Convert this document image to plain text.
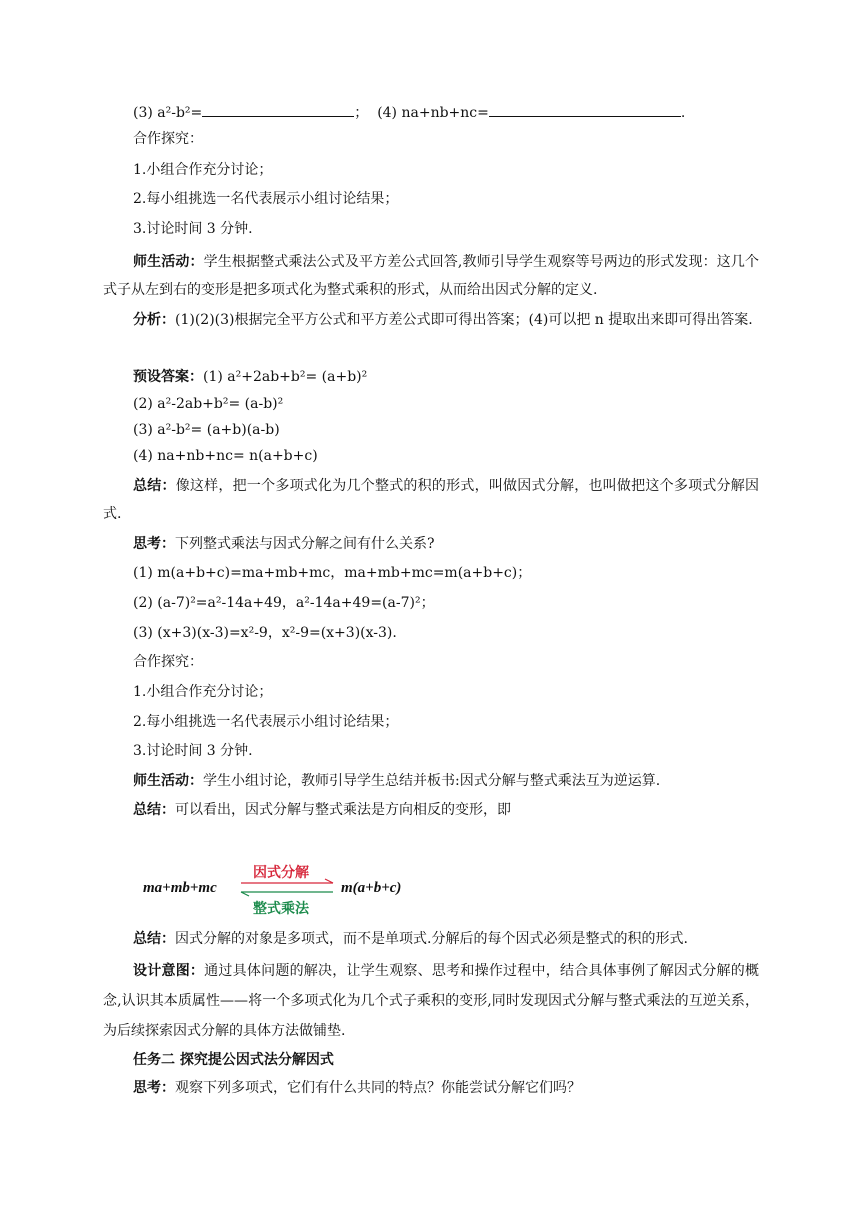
(3) a²-b²=	；  (4) na+nb+nc=	.
合作探究：
1.小组合作充分讨论；
2.每小组挑选一名代表展示小组讨论结果；
3.讨论时间 3 分钟.
师生活动：学生根据整式乘法公式及平方差公式回答,教师引导学生观察等号两边的形式发现：这几个式子从左到右的变形是把多项式化为整式乘积的形式，从而给出因式分解的定义.
分析：(1)(2)(3)根据完全平方公式和平方差公式即可得出答案；(4)可以把 n 提取出来即可得出答案.
预设答案：(1) a²+2ab+b²= (a+b)²
(2) a²-2ab+b²= (a-b)²
(3) a²-b²= (a+b)(a-b)
(4) na+nb+nc= n(a+b+c)
总结：像这样，把一个多项式化为几个整式的积的形式，叫做因式分解，也叫做把这个多项式分解因式.
思考：下列整式乘法与因式分解之间有什么关系?
(1) m(a+b+c)=ma+mb+mc，ma+mb+mc=m(a+b+c)；
(2) (a-7)²=a²-14a+49，a²-14a+49=(a-7)²；
(3) (x+3)(x-3)=x²-9，x²-9=(x+3)(x-3).
合作探究：
1.小组合作充分讨论；
2.每小组挑选一名代表展示小组讨论结果；
3.讨论时间 3 分钟.
师生活动：学生小组讨论，教师引导学生总结并板书:因式分解与整式乘法互为逆运算.
总结：可以看出，因式分解与整式乘法是方向相反的变形，即
ma+mb+mc
因式分解
整式乘法
m(a+b+c)
总结：因式分解的对象是多项式，而不是单项式.分解后的每个因式必须是整式的积的形式.
设计意图：通过具体问题的解决，让学生观察、思考和操作过程中，结合具体事例了解因式分解的概念,认识其本质属性——将一个多项式化为几个式子乘积的变形,同时发现因式分解与整式乘法的互逆关系，为后续探索因式分解的具体方法做铺垫.
任务二 探究提公因式法分解因式
思考：观察下列多项式，它们有什么共同的特点？你能尝试分解它们吗？
